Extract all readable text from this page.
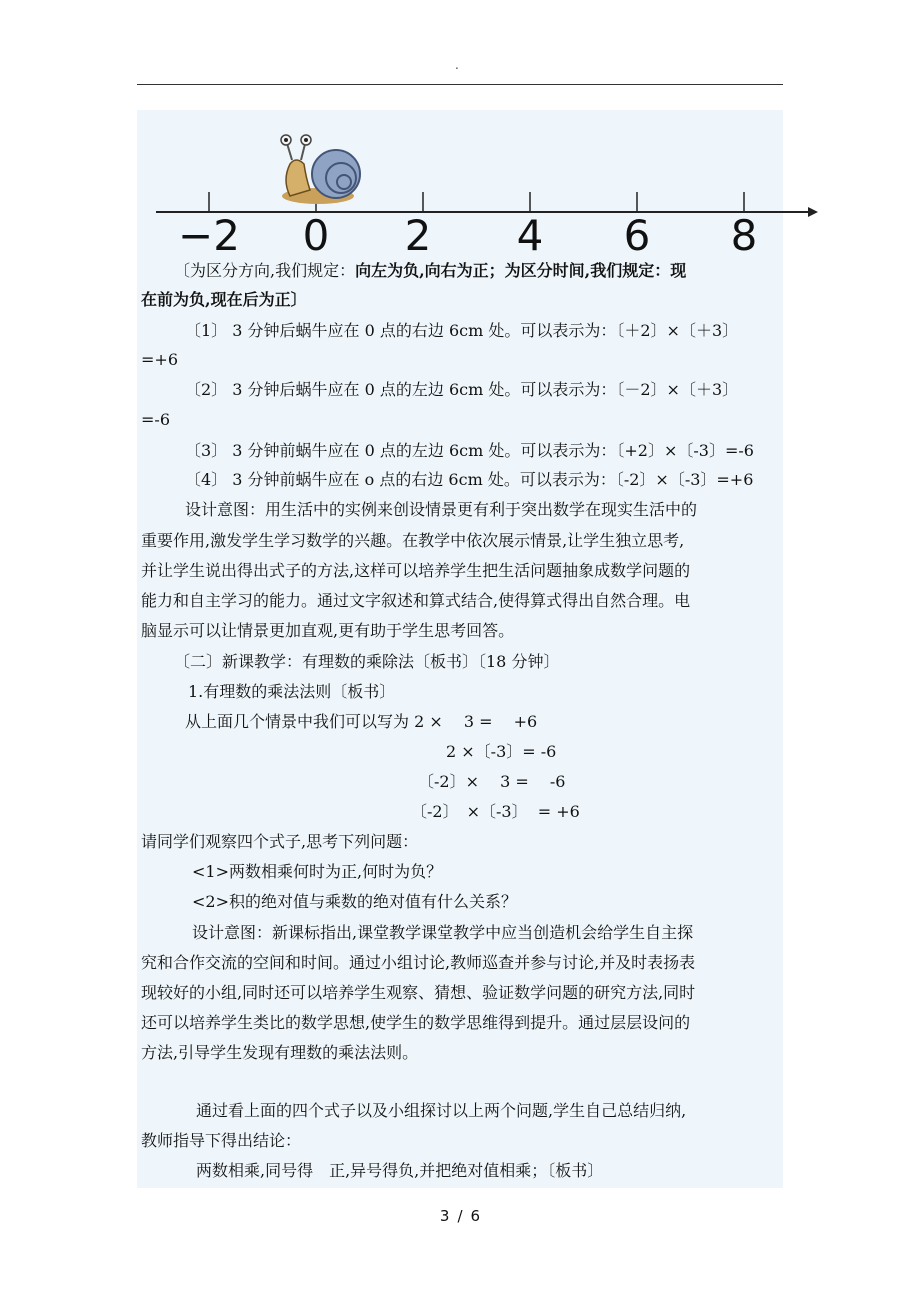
.
−2 0 2 4 6 8
〔为区分方向,我们规定：向左为负,向右为正；为区分时间,我们规定：现
在前为负,现在后为正〕
〔1〕 3 分钟后蜗牛应在 0 点的右边 6cm 处。可以表示为：〔＋2〕×〔＋3〕
=+6
〔2〕 3 分钟后蜗牛应在 0 点的左边 6cm 处。可以表示为：〔－2〕×〔＋3〕
=-6
〔3〕 3 分钟前蜗牛应在 0 点的左边 6cm 处。可以表示为：〔+2〕×〔-3〕=-6
〔4〕 3 分钟前蜗牛应在 o 点的右边 6cm 处。可以表示为：〔-2〕×〔-3〕=+6
设计意图：用生活中的实例来创设情景更有利于突出数学在现实生活中的
重要作用,激发学生学习数学的兴趣。在教学中依次展示情景,让学生独立思考,
并让学生说出得出式子的方法,这样可以培养学生把生活问题抽象成数学问题的
能力和自主学习的能力。通过文字叙述和算式结合,使得算式得出自然合理。电
脑显示可以让情景更加直观,更有助于学生思考回答。
〔二〕新课教学：有理数的乘除法〔板书〕〔18 分钟〕
1.有理数的乘法法则〔板书〕
从上面几个情景中我们可以写为 2 ×　 3 =　 +6
2 ×〔-3〕= -6
〔-2〕×　 3 =　 -6
〔-2〕　×〔-3〕  = +6
请同学们观察四个式子,思考下列问题：
<1>两数相乘何时为正,何时为负？
<2>积的绝对值与乘数的绝对值有什么关系？
设计意图：新课标指出,课堂教学课堂教学中应当创造机会给学生自主探
究和合作交流的空间和时间。通过小组讨论,教师巡查并参与讨论,并及时表扬表
现较好的小组,同时还可以培养学生观察、猜想、验证数学问题的研究方法,同时
还可以培养学生类比的数学思想,使学生的数学思维得到提升。通过层层设问的
方法,引导学生发现有理数的乘法法则。
通过看上面的四个式子以及小组探讨以上两个问题,学生自己总结归纳,
教师指导下得出结论：
两数相乘,同号得　正,异号得负,并把绝对值相乘；〔板书〕
3 / 6
